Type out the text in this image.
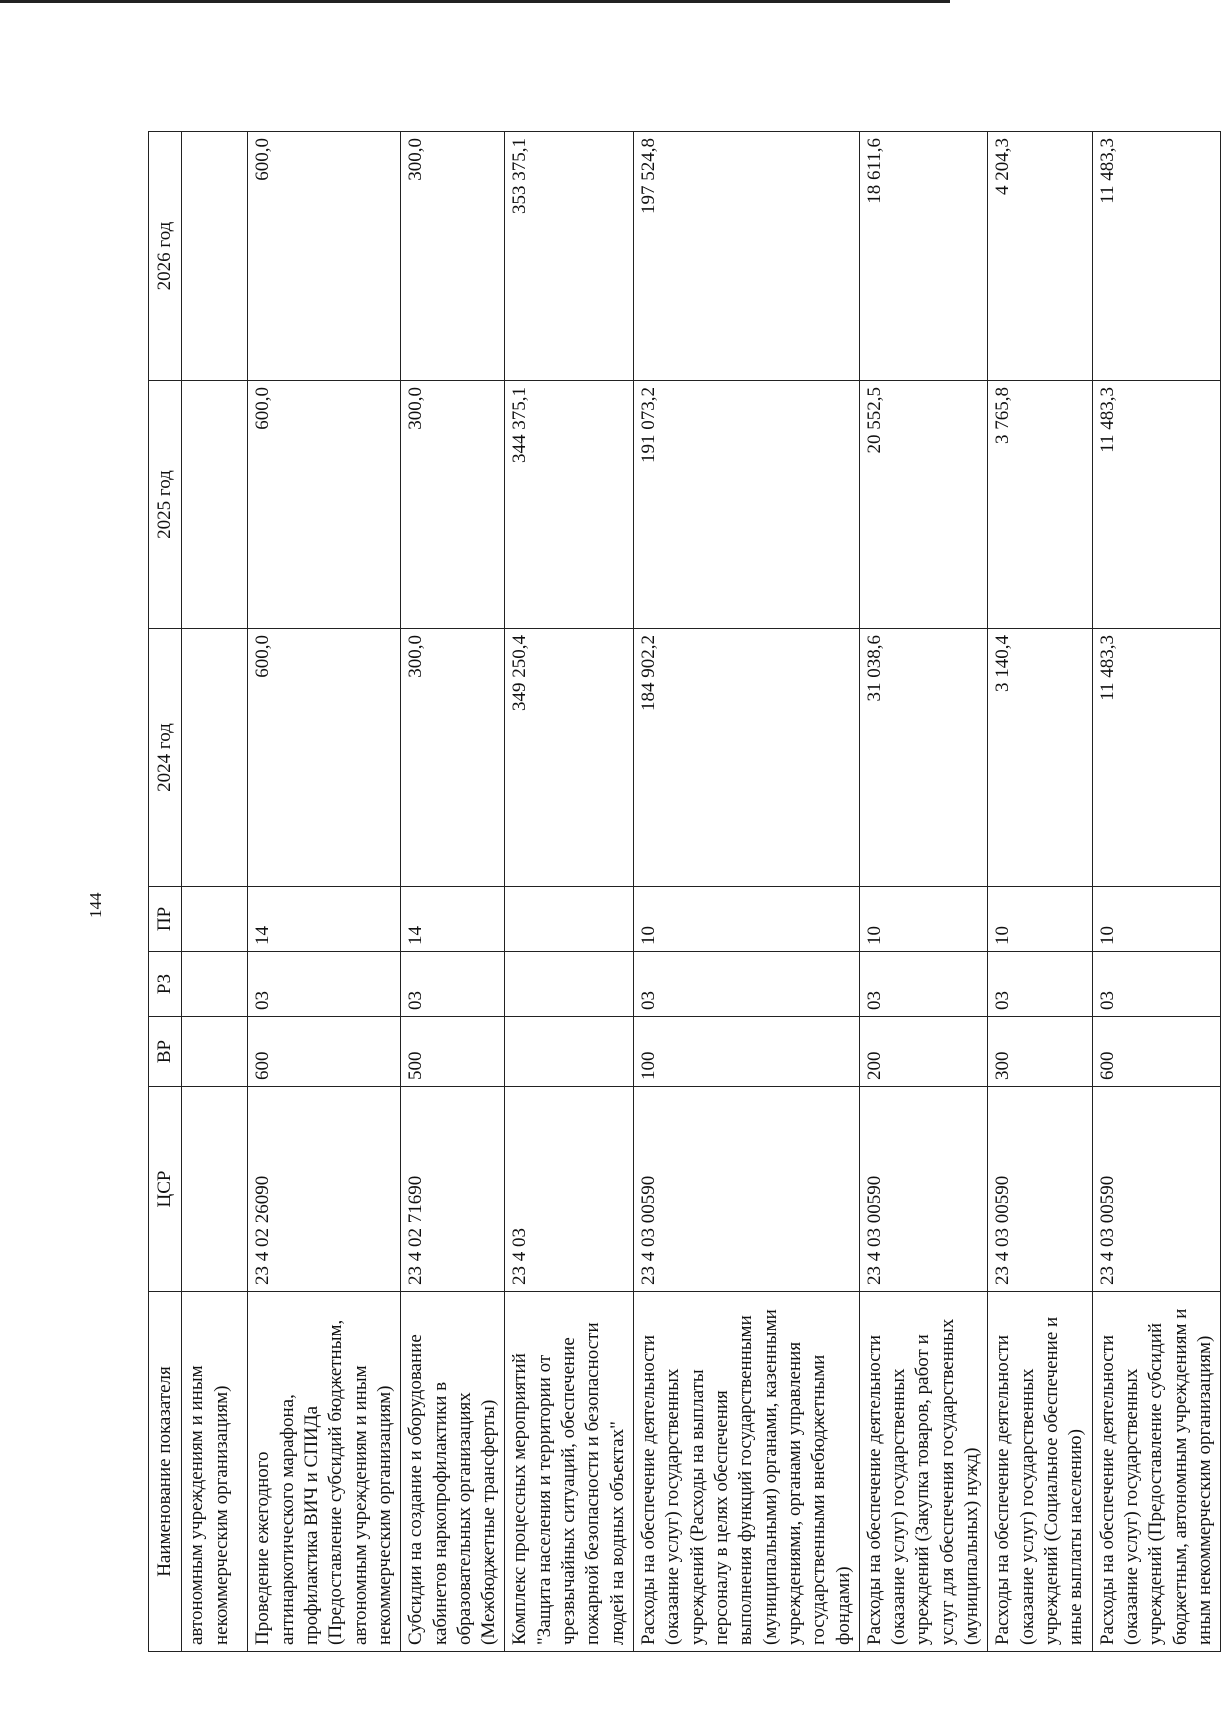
144
Наименование показателя	ЦСР	ВР	РЗ	ПР	2024 год	2025 год	2026 год
автономным учреждениям и иным некоммерческим организациям)							
Проведение ежегодного антинаркотического марафона, профилактика ВИЧ и СПИДа (Предоставление субсидий бюджетным, автономным учреждениям и иным некоммерческим организациям)	23 4 02 26090	600	03	14	600,0	600,0	600,0
Субсидии на создание и оборудование кабинетов наркопрофилактики в образовательных организациях (Межбюджетные трансферты)	23 4 02 71690	500	03	14	300,0	300,0	300,0
Комплекс процессных мероприятий "Защита населения и территории от чрезвычайных ситуаций, обеспечение пожарной безопасности и безопасности людей на водных объектах"	23 4 03				349 250,4	344 375,1	353 375,1
Расходы на обеспечение деятельности (оказание услуг) государственных учреждений (Расходы на выплаты персоналу в целях обеспечения выполнения функций государственными (муниципальными) органами, казенными учреждениями, органами управления государственными внебюджетными фондами)	23 4 03 00590	100	03	10	184 902,2	191 073,2	197 524,8
Расходы на обеспечение деятельности (оказание услуг) государственных учреждений (Закупка товаров, работ и услуг для обеспечения государственных (муниципальных) нужд)	23 4 03 00590	200	03	10	31 038,6	20 552,5	18 611,6
Расходы на обеспечение деятельности (оказание услуг) государственных учреждений (Социальное обеспечение и иные выплаты населению)	23 4 03 00590	300	03	10	3 140,4	3 765,8	4 204,3
Расходы на обеспечение деятельности (оказание услуг) государственных учреждений (Предоставление субсидий бюджетным, автономным учреждениям и иным некоммерческим организациям)	23 4 03 00590	600	03	10	11 483,3	11 483,3	11 483,3
